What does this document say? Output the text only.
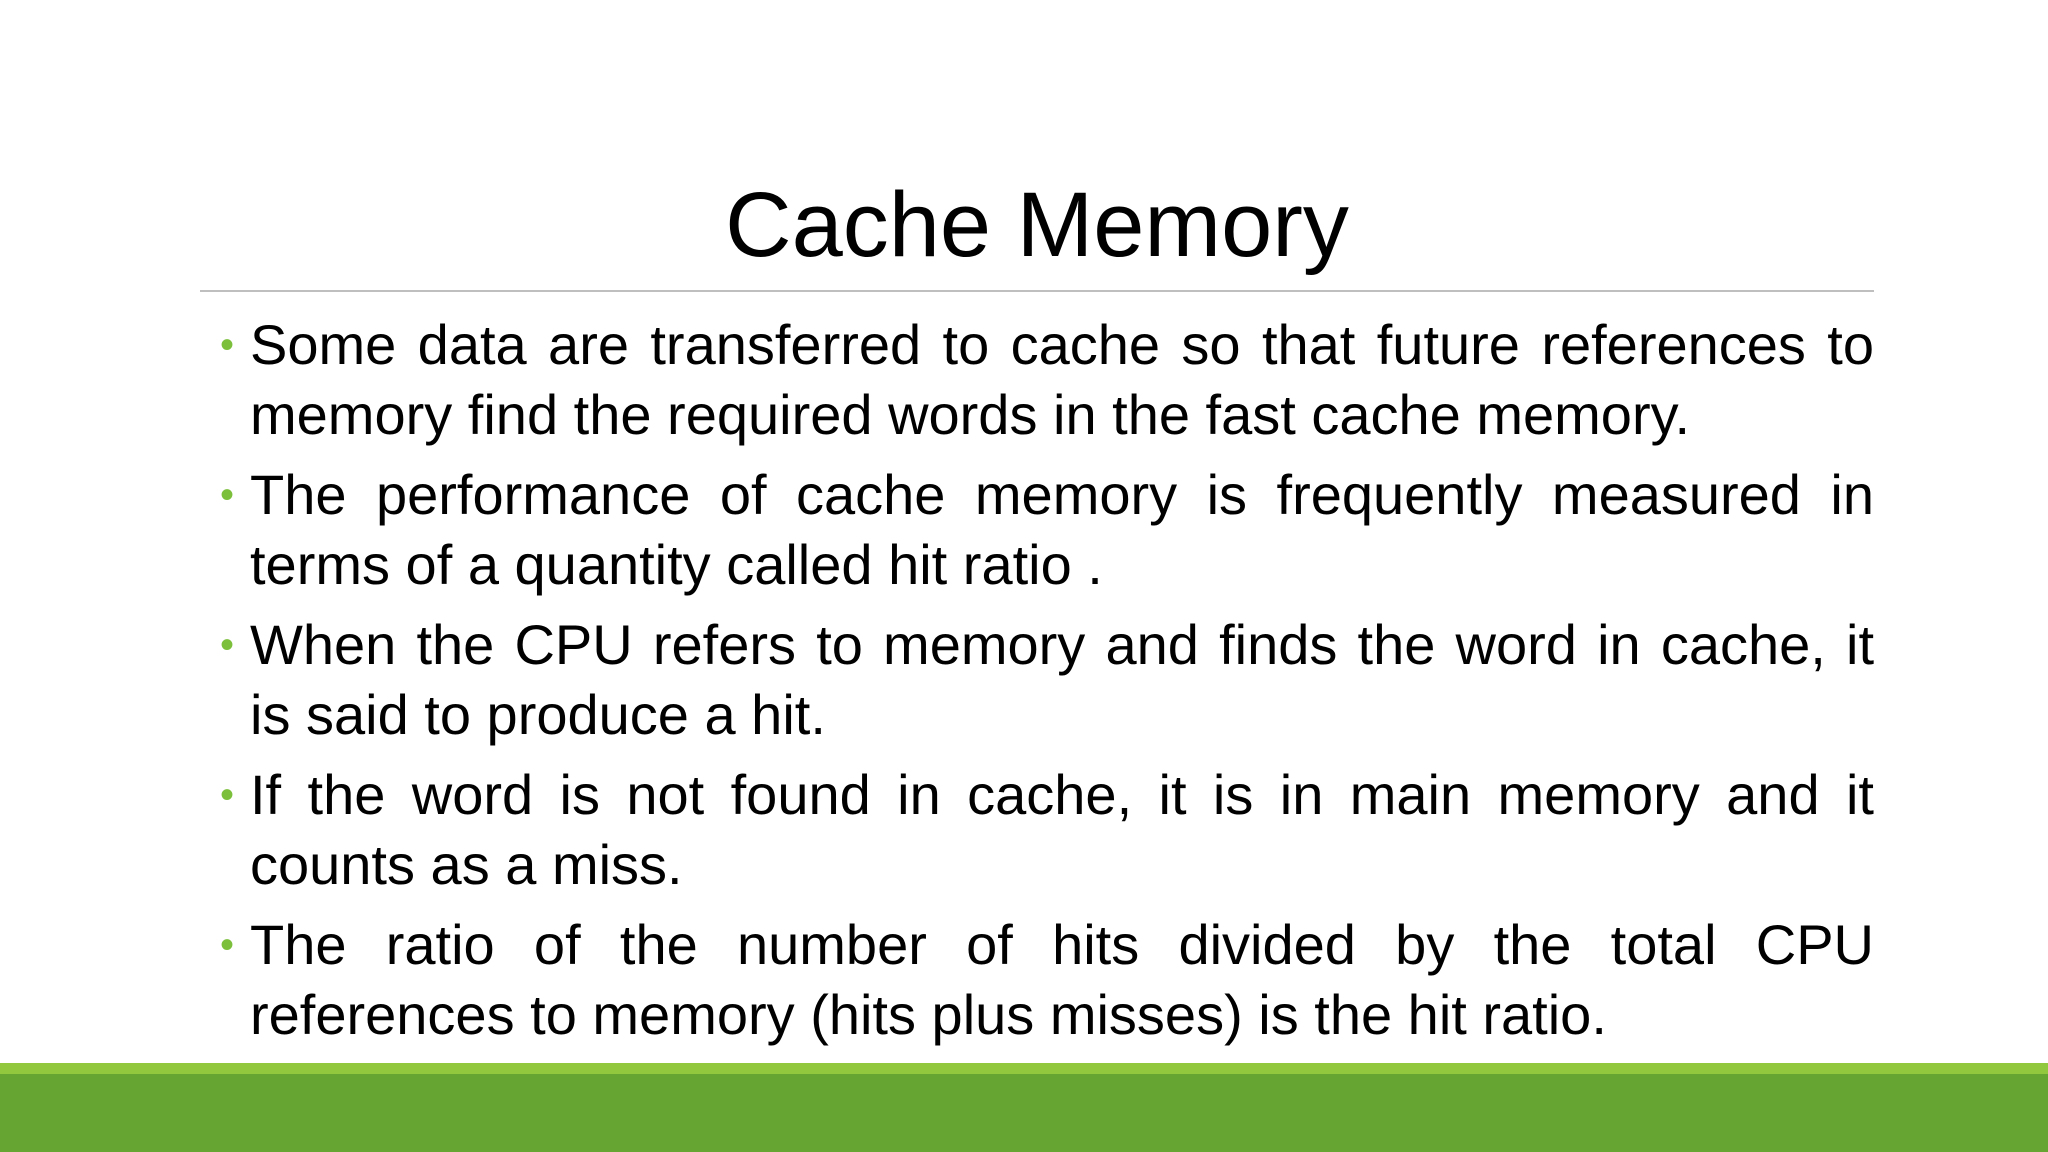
Cache Memory
• Some data are transferred to cache so that future references to memory find the required words in the fast cache memory.
• The performance of cache memory is frequently measured in terms of a quantity called hit ratio .
• When the CPU refers to memory and finds the word in cache, it is said to produce a hit.
• If the word is not found in cache, it is in main memory and it counts as a miss.
• The ratio of the number of hits divided by the total CPU references to memory (hits plus misses) is the hit ratio.
